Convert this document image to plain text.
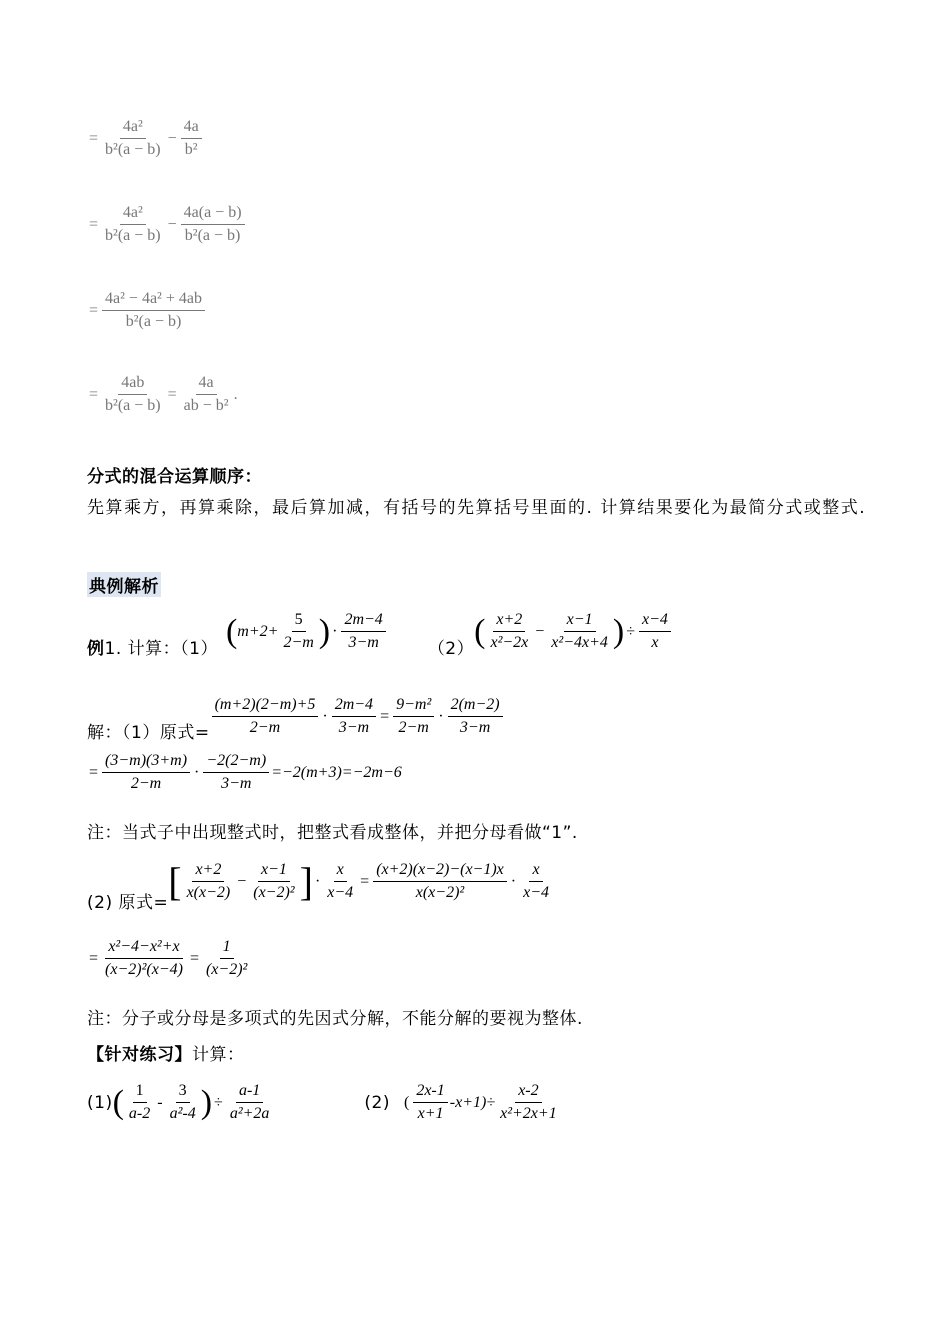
= $\frac{\text{4a²}}{\text{b²(a − b)}} - \frac{4a}{\text{b²}}$
= $\frac{\text{4a²}}{\text{b²(a − b)}} - \frac{4a(a - b)}{\text{b²(a − b)}}$
= $\frac{\text{4a² − 4a² + 4ab}}{\text{b²(a − b)}}$
= $\frac{4ab}{\text{b²(a − b)}} = \frac{4a}{\text{ab − b²}}$ .
分式的混合运算顺序：
先算乘方，再算乘除，最后算加减，有括号的先算括号里面的. 计算结果要化为最简分式或整式.
典例解析
例 1. 计算：（1） ( $m+2+ \frac{5}{2-m}$ ) · $\frac{2m-4}{3-m} (2)$ ( $\frac{x+2}{\text{x²−2x}} - \frac{x-1}{\text{x²−4x+4}}$ ) ÷ $\frac{x-4}{x}$
解：（1）原式= $\frac{(m+2)(2-m)+5}{2-m} \cdot \frac{2m-4}{3-m} = \frac{\text{9−m²}}{2-m} \cdot \frac{2(m-2)}{3-m}$
= $\frac{(3-m)(3+m)}{2-m} \cdot \frac{-2(2-m)}{3-m} =-2(m+3)=-2m-6$
注：当式子中出现整式时，把整式看成整体，并把分母看做“1”.
(2) 原式= [ $\frac{x+2}{x(x-2)} - \frac{x-1}{\text{(x−2)²}}$ ] · $\frac{x}{x-4} = \frac{(x+2)(x-2)-(x-1)x}{\text{x(x−2)²}} \cdot \frac{x}{x-4}$
= $\frac{\text{x²−4−x²+x}}{\text{(x−2)²(x−4)}} = \frac{1}{\text{(x−2)²}}$
注：分子或分母是多项式的先因式分解，不能分解的要视为整体.
【针对练习】 计算：
(1) ( $\frac{1}{a-2} - \frac{3}{\text{a²-4}}$ ) ÷ $\frac{a-1}{\text{a²+2a}}$	(2) ( $\frac{2x-1}{x+1} -x+1)\div \frac{x-2}{\text{x²+2x+1}}$
